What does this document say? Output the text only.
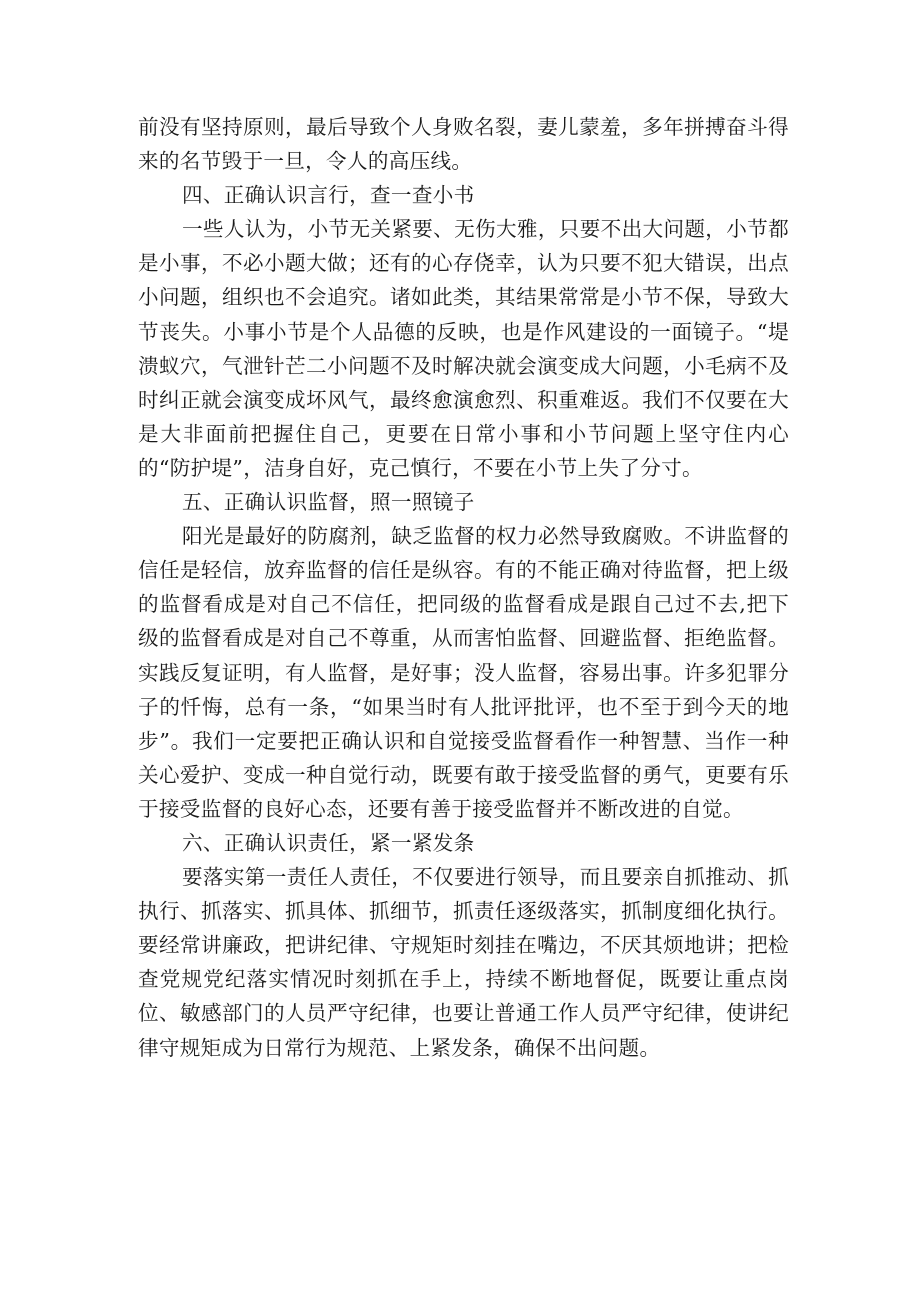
前没有坚持原则，最后导致个人身败名裂，妻儿蒙羞，多年拼搏奋斗得来的名节毁于一旦，令人的高压线。

四、正确认识言行，查一查小书

一些人认为，小节无关紧要、无伤大雅，只要不出大问题，小节都是小事，不必小题大做；还有的心存侥幸，认为只要不犯大错误，出点小问题，组织也不会追究。诸如此类，其结果常常是小节不保，导致大节丧失。小事小节是个人品德的反映，也是作风建设的一面镜子。“堤溃蚁穴，气泄针芒二小问题不及时解决就会演变成大问题，小毛病不及时纠正就会演变成坏风气，最终愈演愈烈、积重难返。我们不仅要在大是大非面前把握住自己，更要在日常小事和小节问题上坚守住内心的“防护堤”，洁身自好，克己慎行，不要在小节上失了分寸。

五、正确认识监督，照一照镜子

阳光是最好的防腐剂，缺乏监督的权力必然导致腐败。不讲监督的信任是轻信，放弃监督的信任是纵容。有的不能正确对待监督，把上级的监督看成是对自己不信任，把同级的监督看成是跟自己过不去,把下级的监督看成是对自己不尊重，从而害怕监督、回避监督、拒绝监督。实践反复证明，有人监督，是好事；没人监督，容易出事。许多犯罪分子的忏悔，总有一条，“如果当时有人批评批评，也不至于到今天的地步”。我们一定要把正确认识和自觉接受监督看作一种智慧、当作一种关心爱护、变成一种自觉行动，既要有敢于接受监督的勇气，更要有乐于接受监督的良好心态，还要有善于接受监督并不断改进的自觉。

六、正确认识责任，紧一紧发条

要落实第一责任人责任，不仅要进行领导，而且要亲自抓推动、抓执行、抓落实、抓具体、抓细节，抓责任逐级落实，抓制度细化执行。要经常讲廉政，把讲纪律、守规矩时刻挂在嘴边，不厌其烦地讲；把检查党规党纪落实情况时刻抓在手上，持续不断地督促，既要让重点岗位、敏感部门的人员严守纪律，也要让普通工作人员严守纪律，使讲纪律守规矩成为日常行为规范、上紧发条，确保不出问题。
